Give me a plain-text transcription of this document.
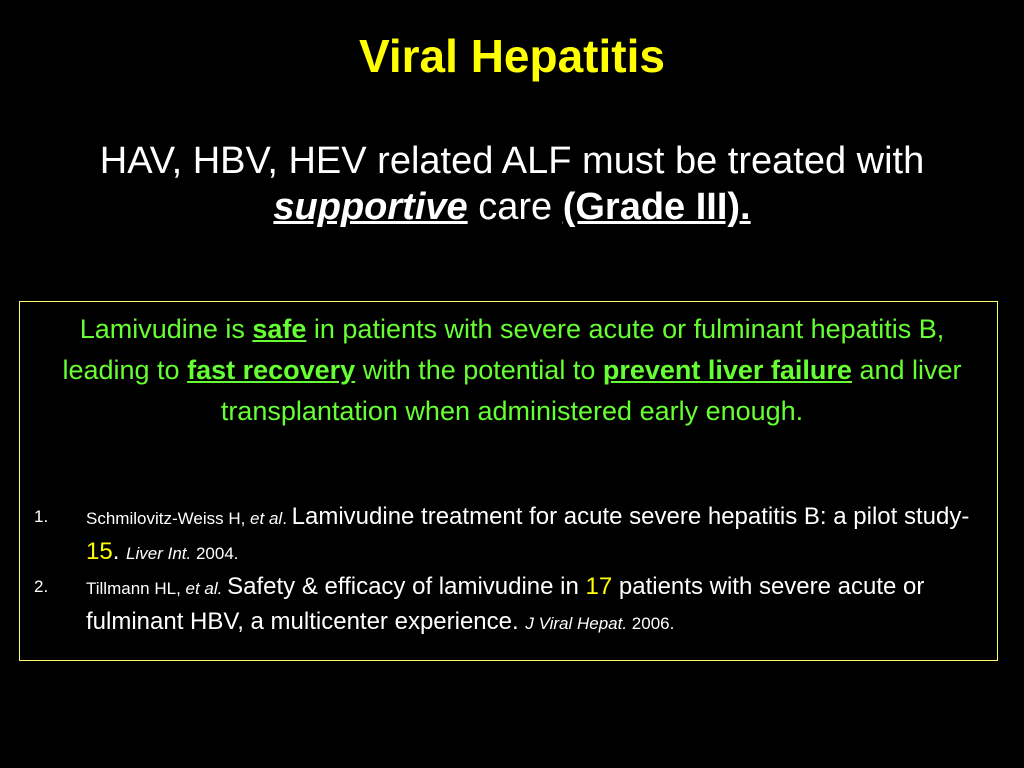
Viral Hepatitis
HAV, HBV, HEV related ALF must be treated with supportive care (Grade III).
Lamivudine is safe in patients with severe acute or fulminant hepatitis B, leading to fast recovery with the potential to prevent liver failure and liver transplantation when administered early enough.
1. Schmilovitz-Weiss H, et al. Lamivudine treatment for acute severe hepatitis B: a pilot study-15. Liver Int. 2004.
2. Tillmann HL, et al. Safety & efficacy of lamivudine in 17 patients with severe acute or fulminant HBV, a multicenter experience. J Viral Hepat. 2006.
